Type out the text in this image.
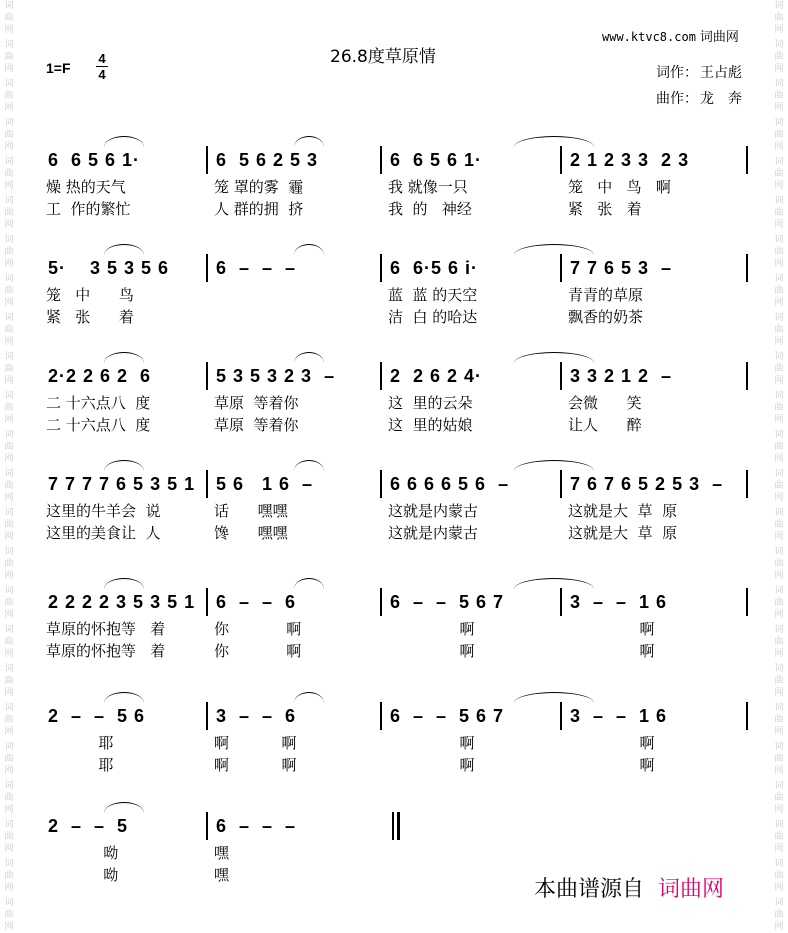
词曲网
词曲网
词曲网
词曲网
词曲网
词曲网
词曲网
词曲网
词曲网
词曲网
词曲网
词曲网
词曲网
词曲网
词曲网
词曲网
词曲网
词曲网
词曲网
词曲网
词曲网
词曲网
词曲网
词曲网
词曲网
词曲网
词曲网
词曲网
词曲网
词曲网
词曲网
词曲网
词曲网
词曲网
词曲网
词曲网
词曲网
词曲网
词曲网
词曲网
词曲网
词曲网
词曲网
词曲网
词曲网
词曲网
词曲网
词曲网
www.ktvc8.com 词曲网
1=F
4
4
26.8度草原情
词作： 王占彪
曲作： 龙　奔
6  6 5 6 1·	6  5 6 2 5 3	6  6 5 6 1·	2 1 2 3 3  2 3
燥 热的天气	笼 罩的雾  霾	我 就像一只	笼   中   鸟   啊
工  作的繁忙	人 群的拥  挤	我  的   神经	紧   张   着
5·    3 5 3 5 6	6  –  –  –	6  6·5 6 i·	7 7 6 5 3  –
笼   中      鸟	蓝  蓝 的天空	青青的草原
紧   张      着	洁  白 的哈达	飘香的奶茶
2·2 2 6 2  6	5 3 5 3 2 3  –	2  2 6 2 4·	3 3 2 1 2  –
二 十六点八  度	草原  等着你	这  里的云朵	会微      笑
二 十六点八  度	草原  等着你	这  里的姑娘	让人      醉
7 7 7 7 6 5 3 5 1 5 6   1 6  –	6 6 6 6 5 6  –	7 6 7 6 5 2 5 3  –
这里的牛羊会  说	话      嘿嘿	这就是内蒙古	这就是大  草  原
这里的美食让  人	馋      嘿嘿	这就是内蒙古	这就是大  草  原
2 2 2 2 3 5 3 5 1 6  –  –  6	6  –  –  5 6 7	3  –  –  1 6
草原的怀抱等   着	你            啊	啊	啊
草原的怀抱等   着	你            啊	啊	啊
2  –  –  5 6	3  –  –  6	6  –  –  5 6 7	3  –  –  1 6
耶	啊           啊	啊	啊
耶	啊           啊	啊	啊
2  –  –  5	6  –  –  –
呦	嘿
呦	嘿
本曲谱源自 词曲网
